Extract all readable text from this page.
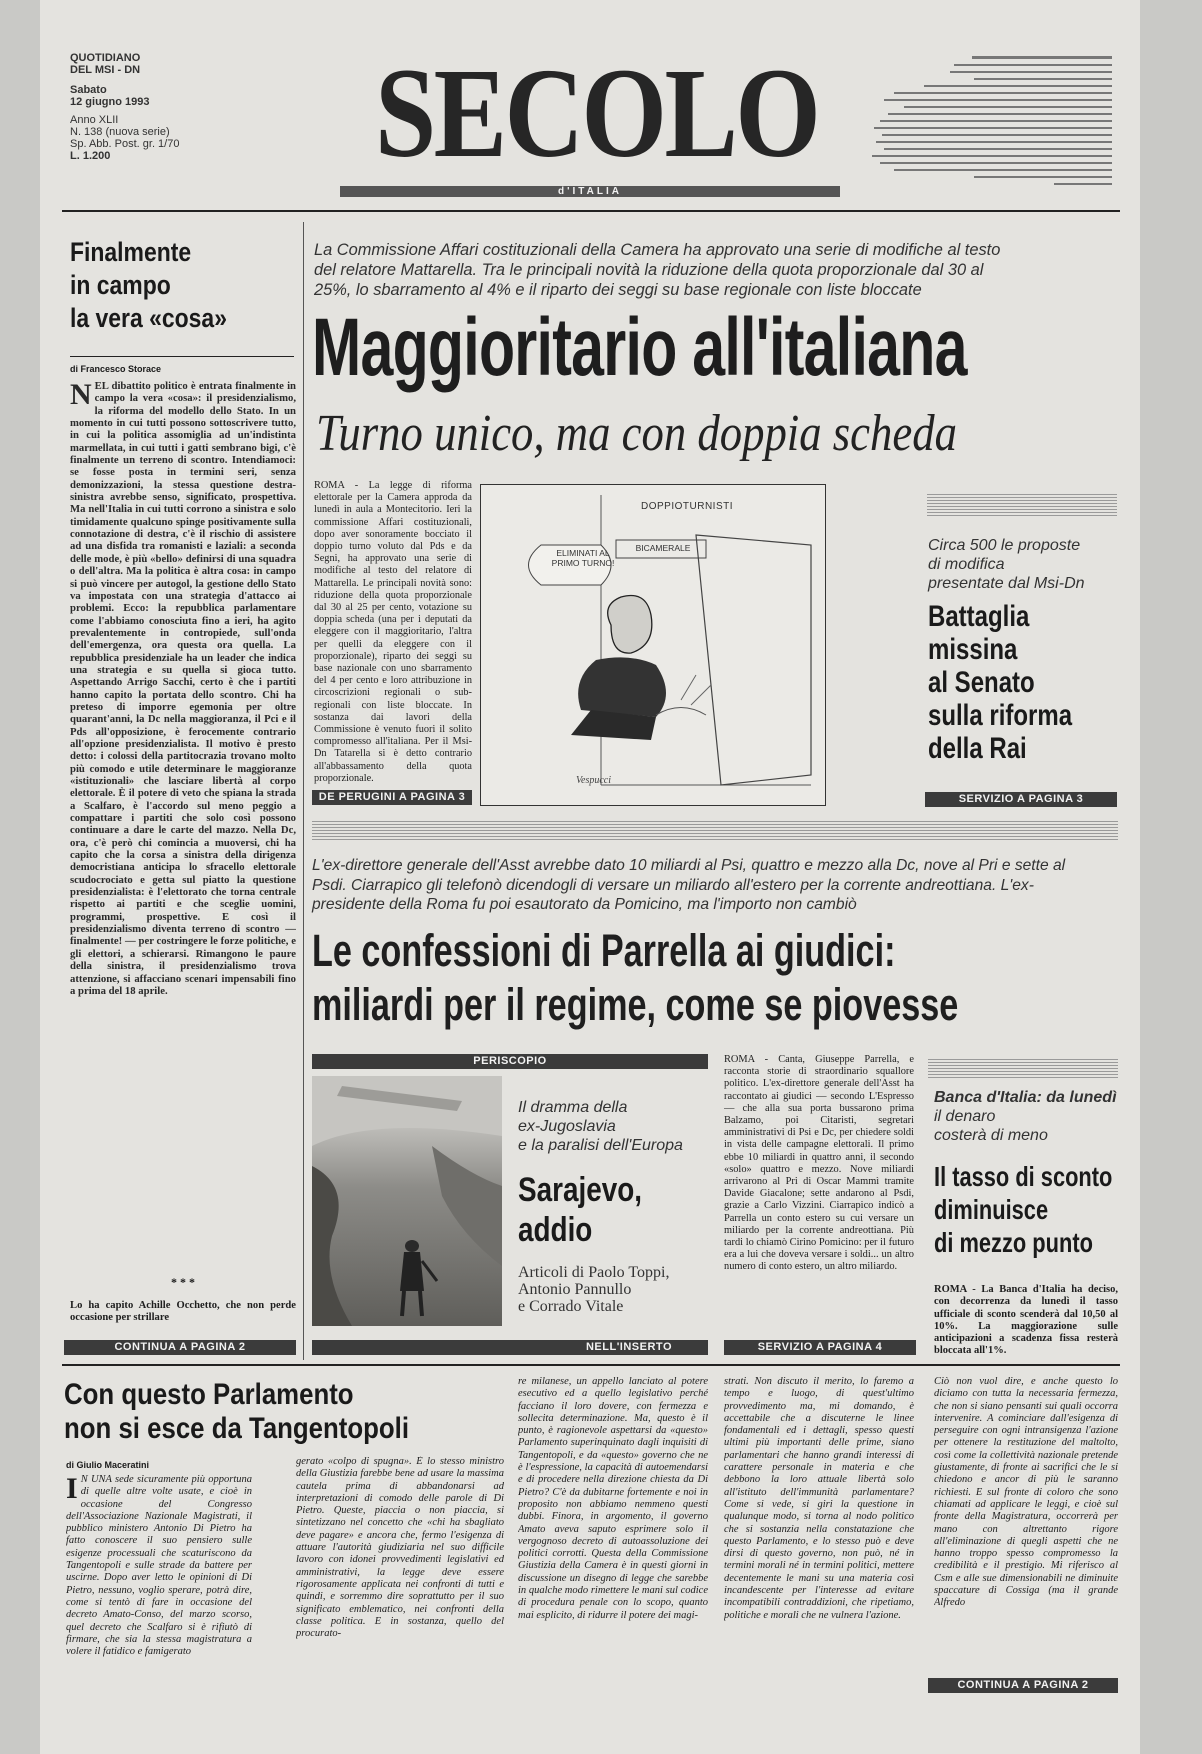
QUOTIDIANO
DEL MSI - DN
Sabato
12 giugno 1993
Anno XLII
N. 138 (nuova serie)
Sp. Abb. Post. gr. 1/70
L. 1.200	SECOLO
d'ITALIA
Finalmente
in campo
la vera «cosa»
di Francesco Storace
N EL dibattito politico è entrata finalmente in campo la vera «cosa»: il presidenzialismo, la riforma del modello dello Stato. In un momento in cui tutti possono sottoscrivere tutto, in cui la politica assomiglia ad un'indistinta marmellata, in cui tutti i gatti sembrano bigi, c'è finalmente un terreno di scontro. Intendiamoci: se fosse posta in termini seri, senza demonizzazioni, la stessa questione destra-sinistra avrebbe senso, significato, prospettiva. Ma nell'Italia in cui tutti corrono a sinistra e solo timidamente qualcuno spinge positivamente sulla connotazione di destra, c'è il rischio di assistere ad una disfida tra romanisti e laziali: a seconda delle mode, è più «bello» definirsi di una squadra o dell'altra. Ma la politica è altra cosa: in campo si può vincere per autogol, la gestione dello Stato va impostata con una strategia d'attacco ai problemi. Ecco: la repubblica parlamentare come l'abbiamo conosciuta fino a ieri, ha agito prevalentemente in contropiede, sull'onda dell'emergenza, ora questa ora quella. La repubblica presidenziale ha un leader che indica una strategia e su quella si gioca tutto. Aspettando Arrigo Sacchi, certo è che i partiti hanno capito la portata dello scontro. Chi ha preteso di imporre egemonia per oltre quarant'anni, la Dc nella maggioranza, il Pci e il Pds all'opposizione, è ferocemente contrario all'opzione presidenzialista. Il motivo è presto detto: i colossi della partitocrazia trovano molto più comodo e utile determinare le maggioranze «istituzionali» che lasciare libertà al corpo elettorale. È il potere di veto che spiana la strada a Scalfaro, è l'accordo sul meno peggio a compattare i partiti che solo così possono continuare a dare le carte del mazzo. Nella Dc, ora, c'è però chi comincia a muoversi, chi ha capito che la corsa a sinistra della dirigenza democristiana anticipa lo sfracello elettorale scudocrociato e getta sul piatto la questione presidenzialista: è l'elettorato che torna centrale rispetto ai partiti e che sceglie uomini, programmi, prospettive. E così il presidenzialismo diventa terreno di scontro — finalmente! — per costringere le forze politiche, e gli elettori, a schierarsi. Rimangono le paure della sinistra, il presidenzialismo trova attenzione, si affacciano scenari impensabili fino a prima del 18 aprile.
* * *
Lo ha capito Achille Occhetto, che non perde occasione per strillare
CONTINUA A PAGINA 2
La Commissione Affari costituzionali della Camera ha approvato una serie di modifiche al testo del relatore Mattarella. Tra le principali novità la riduzione della quota proporzionale dal 30 al 25%, lo sbarramento al 4% e il riparto dei seggi su base regionale con liste bloccate
Maggioritario all'italiana
Turno unico, ma con doppia scheda
ROMA - La legge di riforma elettorale per la Camera approda da lunedì in aula a Montecitorio. Ieri la commissione Affari costituzionali, dopo aver sonoramente bocciato il doppio turno voluto dal Pds e da Segni, ha approvato una serie di modifiche al testo del relatore di Mattarella. Le principali novità sono: riduzione della quota proporzionale dal 30 al 25 per cento, votazione su doppia scheda (una per i deputati da eleggere con il maggioritario, l'altra per quelli da eleggere con il proporzionale), riparto dei seggi su base nazionale con uno sbarramento del 4 per cento e loro attribuzione in circoscrizioni regionali o sub-regionali con liste bloccate. In sostanza dai lavori della Commissione è venuto fuori il solito compromesso all'italiana. Per il Msi-Dn Tatarella si è detto contrario all'abbassamento della quota proporzionale.
DE PERUGINI A PAGINA 3
DOPPIOTURNISTI
ELIMINATI AL PRIMO TURNO!
BICAMERALE
Vespucci
Circa 500 le proposte
di modifica
presentate dal Msi-Dn
Battaglia
missina
al Senato
sulla riforma
della Rai
SERVIZIO A PAGINA 3
L'ex-direttore generale dell'Asst avrebbe dato 10 miliardi al Psi, quattro e mezzo alla Dc, nove al Pri e sette al Psdi. Ciarrapico gli telefonò dicendogli di versare un miliardo all'estero per la corrente andreottiana. L'ex-presidente della Roma fu poi esautorato da Pomicino, ma l'importo non cambiò
Le confessioni di Parrella ai giudici:
miliardi per il regime, come se piovesse
PERISCOPIO
Il dramma della
ex-Jugoslavia
e la paralisi dell'Europa
Sarajevo,
addio
Articoli di Paolo Toppi,
Antonio Pannullo
e Corrado Vitale
NELL'INSERTO
ROMA - Canta, Giuseppe Parrella, e racconta storie di straordinario squallore politico. L'ex-direttore generale dell'Asst ha raccontato ai giudici — secondo L'Espresso — che alla sua porta bussarono prima Balzamo, poi Citaristi, segretari amministrativi di Psi e Dc, per chiedere soldi in vista delle campagne elettorali. Il primo ebbe 10 miliardi in quattro anni, il secondo «solo» quattro e mezzo. Nove miliardi arrivarono al Pri di Oscar Mammì tramite Davide Giacalone; sette andarono al Psdi, grazie a Carlo Vizzini. Ciarrapico indicò a Parrella un conto estero su cui versare un miliardo per la corrente andreottiana. Più tardi lo chiamò Cirino Pomicino: per il futuro era a lui che doveva versare i soldi... un altro numero di conto estero, un altro miliardo.
SERVIZIO A PAGINA 4
Banca d'Italia: da lunedì
il denaro
costerà di meno
Il tasso di sconto
diminuisce
di mezzo punto
ROMA - La Banca d'Italia ha deciso, con decorrenza da lunedì il tasso ufficiale di sconto scenderà dal 10,50 al 10%. La maggiorazione sulle anticipazioni a scadenza fissa resterà bloccata all'1%.
Con questo Parlamento
non si esce da Tangentopoli
di Giulio Maceratini
I N UNA sede sicuramente più opportuna di quelle altre volte usate, e cioè in occasione del Congresso dell'Associazione Nazionale Magistrati, il pubblico ministero Antonio Di Pietro ha fatto conoscere il suo pensiero sulle esigenze processuali che scaturiscono da Tangentopoli e sulle strade da battere per uscirne. Dopo aver letto le opinioni di Di Pietro, nessuno, voglio sperare, potrà dire, come si tentò di fare in occasione del decreto Amato-Conso, del marzo scorso, quel decreto che Scalfaro si è rifiutò di firmare, che sia la stessa magistratura a volere il fatidico e famigerato
gerato «colpo di spugna». È lo stesso ministro della Giustizia farebbe bene ad usare la massima cautela prima di abbandonarsi ad interpretazioni di comodo delle parole di Di Pietro. Queste, piaccia o non piaccia, si sintetizzano nel concetto che «chi ha sbagliato deve pagare» e ancora che, fermo l'esigenza di attuare l'autorità giudiziaria nel suo difficile lavoro con idonei provvedimenti legislativi ed amministrativi, la legge deve essere rigorosamente applicata nei confronti di tutti e quindi, e sorremmo dire soprattutto per il suo significato emblematico, nei confronti della classe politica. E in sostanza, quello del procurato-
re milanese, un appello lanciato al potere esecutivo ed a quello legislativo perché facciano il loro dovere, con fermezza e sollecita determinazione. Ma, questo è il punto, è ragionevole aspettarsi da «questo» Parlamento superinquinato dagli inquisiti di Tangentopoli, e da «questo» governo che ne è l'espressione, la capacità di autoemendarsi e di procedere nella direzione chiesta da Di Pietro? C'è da dubitarne fortemente e noi in proposito non abbiamo nemmeno questi dubbi. Finora, in argomento, il governo Amato aveva saputo esprimere solo il vergognoso decreto di autoassoluzione dei politici corrotti. Questa della Commissione Giustizia della Camera è in questi giorni in discussione un disegno di legge che sarebbe in qualche modo rimettere le mani sul codice di procedura penale con lo scopo, quanto mai esplicito, di ridurre il potere dei magi-
strati. Non discuto il merito, lo faremo a tempo e luogo, di quest'ultimo provvedimento ma, mi domando, è accettabile che a discuterne le linee fondamentali ed i dettagli, spesso questi ultimi più importanti delle prime, siano parlamentari che hanno grandi interessi di carattere personale in materia e che debbono la loro attuale libertà solo all'istituto dell'immunità parlamentare? Come si vede, si giri la questione in qualunque modo, si torna al nodo politico che si sostanzia nella constatazione che questo Parlamento, e lo stesso può e deve dirsi di questo governo, non può, né in termini morali né in termini politici, mettere decentemente le mani su una materia così incandescente per l'interesse ad evitare incompatibili contraddizioni, che ripetiamo, politiche e morali che ne vulnera l'azione.
Ciò non vuol dire, e anche questo lo diciamo con tutta la necessaria fermezza, che non si siano pensanti sui quali occorra intervenire. A cominciare dall'esigenza di perseguire con ogni intransigenza l'azione per ottenere la restituzione del maltolto, così come la collettività nazionale pretende giustamente, di fronte ai sacrifici che le si chiedono e ancor di più le saranno richiesti. E sul fronte di coloro che sono chiamati ad applicare le leggi, e cioè sul fronte della Magistratura, occorrerà per mano con altrettanto rigore all'eliminazione di quegli aspetti che ne hanno troppo spesso compromesso la credibilità e il prestigio. Mi riferisco al Csm e alle sue dimensionabili ne diminuite spaccature di Cossiga (ma il grande Alfredo
CONTINUA A PAGINA 2
